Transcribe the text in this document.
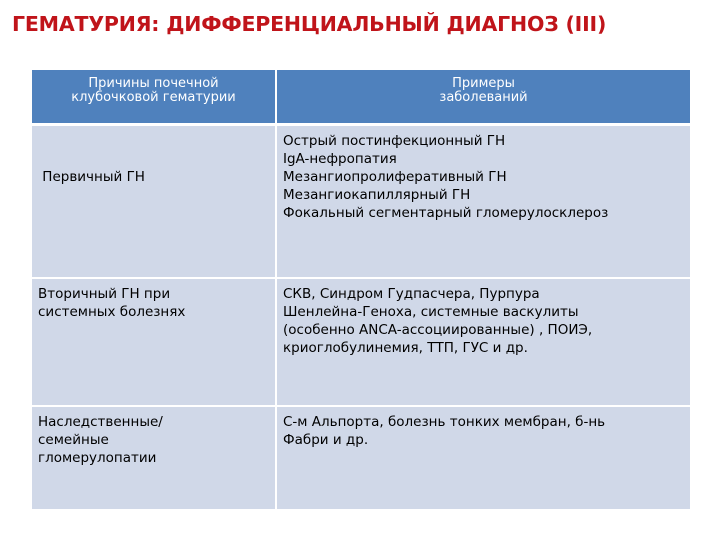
ГЕМАТУРИЯ: ДИФФЕРЕНЦИАЛЬНЫЙ ДИАГНОЗ (III)
Причины почечной
клубочковой гематурии	Примеры
заболеваний

Первичный ГН	Острый постинфекционный ГН
IgA-нефропатия
Мезангиопролиферативный ГН
Мезангиокапиллярный ГН
Фокальный сегментарный гломерулосклероз

Вторичный ГН при
системных болезнях	СКВ, Синдром Гудпасчера, Пурпура
Шенлейна-Геноха, системные васкулиты
(особенно ANCA-ассоциированные) , ПОИЭ,
криоглобулинемия, ТТП, ГУС и др.

Наследственные/
семейные
гломерулопатии	С-м Альпорта, болезнь тонких мембран, б-нь
Фабри и др.
